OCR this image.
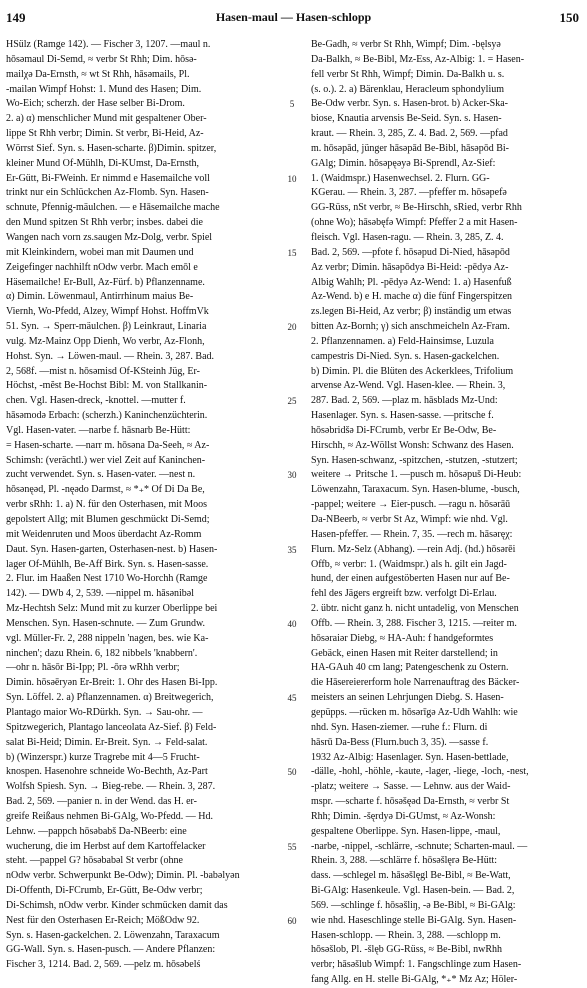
149	Hasen-maul — Hasen-schlopp	150

HSülz (Ramge 142). — Fischer 3, 1207. —maul n.

hōsəmaul Di-Semd, ≈ verbr St Rhh; Dim. hōsə-

mailχə Da-Ernsth, ≈ wt St Rhh, hāsəmails, Pl.

-mailən Wimpf Hohst: 1. Mund des Hasen; Dim.

Wo-Eich; scherzh. der Hase selber Bi-Drom.

2. a) α) menschlicher Mund mit gespaltener Ober-

lippe St Rhh verbr; Dimin. St verbr, Bi-Heid, Az-

Wörrst Sief. Syn. s. Hasen-scharte. β)Dimin. spitzer,

kleiner Mund Of-Mühlh, Di-KUmst, Da-Ernsth,

Er-Gütt, Bi-FWeinh. Er nimmd e Hasemailche voll

trinkt nur ein Schlückchen Az-Flomb. Syn. Hasen-

schnute, Pfennig-mäulchen. — e Hāsemailche mache

den Mund spitzen St Rhh verbr; insbes. dabei die

Wangen nach vorn zs.saugen Mz-Dolg, verbr. Spiel

mit Kleinkindern, wobei man mit Daumen und

Zeigefinger nachhilft nOdw verbr. Mach emōl e

Häsemailche! Er-Bull, Az-Fürf. b) Pflanzenname.

α) Dimin. Löwenmaul, Antirrhinum maius Be-

Viernh, Wo-Pfedd, Alzey, Wimpf Hohst. HoffmVk

51. Syn. → Sperr-mäulchen. β) Leinkraut, Linaria

vulg. Mz-Mainz Opp Dienh, Wo verbr, Az-Flonh,

Hohst. Syn. → Löwen-maul. — Rhein. 3, 287. Bad.

2, 568f. —mist n. hōsəmisd Of-KSteinh Jüg, Er-

Höchst, -mĕst Be-Hochst Bibl: M. von Stallkanin-

chen. Vgl. Hasen-dreck, -knottel. —mutter f.

hāsəmodə Erbach: (scherzh.) Kaninchenzüchterin.

Vgl. Hasen-vater. —narbe f. hāsnarb Be-Hütt:

= Hasen-scharte. —narr m. hōsəna Da-Seeh, ≈ Az-

Schimsh: (verächtl.) wer viel Zeit auf Kaninchen-

zucht verwendet. Syn. s. Hasen-vater. —nest n.

hōsənęəd, Pl. -nęədo Darmst, ≈ *₊* Of Di Da Be,

verbr sRhh: 1. a) N. für den Osterhasen, mit Moos

gepolstert Allg; mit Blumen geschmückt Di-Semd;

mit Weidenruten und Moos überdacht Az-Romm

Daut. Syn. Hasen-garten, Osterhasen-nest. b) Hasen-

lager Of-Mühlh, Be-Aff Birk. Syn. s. Hasen-sasse.

2. Flur. im Haaßen Nest 1710 Wo-Horchh (Ramge

142). — DWb 4, 2, 539. —nippel m. hāsənibəl

Mz-Hechtsh Selz: Mund mit zu kurzer Oberlippe bei

Menschen. Syn. Hasen-schnute. — Zum Grundw.

vgl. Müller-Fr. 2, 288 nippeln 'nagen, bes. wie Ka-

ninchen'; dazu Rhein. 6, 182 nibbels 'knabbern'.

—ohr n. hāsōr Bi-Ipp; Pl. -ōrə wRhh verbr;

Dimin. hōsəēryən Er-Breit: 1. Ohr des Hasen Bi-Ipp.

Syn. Löffel. 2. a) Pflanzennamen. α) Breitwegerich,

Plantago maior Wo-RDürkh. Syn. → Sau-ohr. —

Spitzwegerich, Plantago lanceolata Az-Sief. β) Feld-

salat Bi-Heid; Dimin. Er-Breit. Syn. → Feld-salat.

b) (Winzerspr.) kurze Tragrebe mit 4—5 Frucht-

knospen. Hasenohre schneide Wo-Bechth, Az-Part

Wolfsh Spiesh. Syn. → Bieg-rebe. — Rhein. 3, 287.

Bad. 2, 569. —panier n. in der Wend. das H. er-

greife Reißaus nehmen Bi-GAlg, Wo-Pfedd. — Hd.

Lehnw. —pappch hōsəbabš Da-NBeerb: eine

wucherung, die im Herbst auf dem Kartoffelacker

steht. —pappel G? hōsəbabəl St verbr (ohne

nOdw verbr. Schwerpunkt Be-Odw); Dimin. Pl. -babəlyən

Di-Offenth, Di-FCrumb, Er-Gütt, Be-Odw verbr;

Di-Schimsh, nOdw verbr. Kinder schmücken damit das

Nest für den Osterhasen Er-Reich; MößOdw 92.

Syn. s. Hasen-gackelchen. 2. Löwenzahn, Taraxacum

GG-Wall. Syn. s. Hasen-pusch. — Andere Pflanzen:

Fischer 3, 1214. Bad. 2, 569. —pelz m. hōsəbelś

5
10
15
20
25
30
35
40
45
50
55
60

Be-Gadh, ≈ verbr St Rhh, Wimpf; Dim. -bęlsyə

Da-Balkh, ≈ Be-Bibl, Mz-Ess, Az-Albig: 1. = Hasen-

fell verbr St Rhh, Wimpf; Dimin. Da-Balkh u. s.

(s. o.). 2. a) Bärenklau, Heracleum sphondylium

Be-Odw verbr. Syn. s. Hasen-brot. b) Acker-Ska-

biose, Knautia arvensis Be-Seid. Syn. s. Hasen-

kraut. — Rhein. 3, 285, Z. 4. Bad. 2, 569. —pfad

m. hōsəpād, jünger hāsəpād Be-Bibl, hāsəpōd Bi-

GAlg; Dimin. hōsəpęəyə Bi-Sprendl, Az-Sief:

1. (Waidmspr.) Hasenwechsel. 2. Flurn. GG-

KGerau. — Rhein. 3, 287. —pfeffer m. hōsəpefə

GG-Rüss, nSt verbr, ≈ Be-Hirschh, sRied, verbr Rhh

(ohne Wo); hāsəbęfə Wimpf: Pfeffer 2 a mit Hasen-

fleisch. Vgl. Hasen-ragu. — Rhein. 3, 285, Z. 4.

Bad. 2, 569. —pfote f. hōsəpud Di-Nied, hāsəpōd

Az verbr; Dimin. hāsəpōdyə Bi-Heid: -pēdyə Az-

Albig Wahlh; Pl. -pēdyə Az-Wend: 1. a) Hasenfuß

Az-Wend. b) e H. mache α) die fünf Fingerspitzen

zs.legen Bi-Heid, Az verbr; β) inständig um etwas

bitten Az-Bornh; γ) sich anschmeicheln Az-Fram.

2. Pflanzennamen. a) Feld-Hainsimse, Luzula

campestris Di-Nied. Syn. s. Hasen-gackelchen.

b) Dimin. Pl. die Blüten des Ackerklees, Trifolium

arvense Az-Wend. Vgl. Hasen-klee. — Rhein. 3,

287. Bad. 2, 569. —plaz m. hāsblads Mz-Und:

Hasenlager. Syn. s. Hasen-sasse. —pritsche f.

hōsəbridšə Di-FCrumb, verbr Er Be-Odw, Be-

Hirschh, ≈ Az-Wöllst Wonsh: Schwanz des Hasen.

Syn. Hasen-schwanz, -spitzchen, -stutzen, -stutzert;

weitere → Pritsche 1. —pusch m. hōsəpuš Di-Heub:

Löwenzahn, Taraxacum. Syn. Hasen-blume, -busch,

-pappel; weitere → Eier-pusch. —ragu n. hōsərāū

Da-NBeerb, ≈ verbr St Az, Wimpf: wie nhd. Vgl.

Hasen-pfeffer. — Rhein. 7, 35. —rech m. hāsəręχ:

Flurn. Mz-Selz (Abhang). —rein Adj. (hd.) hōsərēi

Offb, ≈ verbr: 1. (Waidmspr.) als h. gilt ein Jagd-

hund, der einen aufgestöberten Hasen nur auf Be-

fehl des Jägers ergreift bzw. verfolgt Di-Erlau.

2. übtr. nicht ganz h. nicht untadelig, von Menschen

Offb. — Rhein. 3, 288. Fischer 3, 1215. —reiter m.

hōsəraiər Diebg, ≈ HA-Auh: f handgeformtes

Gebäck, einen Hasen mit Reiter darstellend; in

HA-GAuh 40 cm lang; Patengeschenk zu Ostern.

die Hāsereiererform hole Narrenauftrag des Bäcker-

meisters an seinen Lehrjungen Diebg. S. Hasen-

gepüpps. —rücken m. hōsərīgə Az-Udh Wahlh: wie

nhd. Syn. Hasen-ziemer. —ruhe f.: Flurn. di

hāsrū Da-Bess (Flurn.buch 3, 35). —sasse f.

1932 Az-Albig: Hasenlager. Syn. Hasen-bettlade,

-dälle, -hohl, -höhle, -kaute, -lager, -liege, -loch, -nest,

-platz; weitere → Sasse. — Lehnw. aus der Waid-

mspr. —scharte f. hōsəšęəd Da-Ernsth, ≈ verbr St

Rhh; Dimin. -šęrdyə Di-GUmst, ≈ Az-Wonsh:

gespaltene Oberlippe. Syn. Hasen-lippe, -maul,

-narbe, -nippel, -schlärre, -schnute; Scharten-maul. —

Rhein. 3, 288. —schlärre f. hōsəšlęrə Be-Hütt:

dass. —schlegel m. hāsəšlęgl Be-Bibl, ≈ Be-Watt,

Bi-GAlg: Hasenkeule. Vgl. Hasen-bein. — Bad. 2,

569. —schlinge f. hōsəšliŋ, -ə Be-Bibl, ≈ Bi-GAlg:

wie nhd. Haseschlinge stelle Bi-GAlg. Syn. Hasen-

Hasen-schlopp. — Rhein. 3, 288. —schlopp m.

hōsəšlob, Pl. -šlęb GG-Rüss, ≈ Be-Bibl, nwRhh

verbr; hāsəšlub Wimpf: 1. Fangschlinge zum Hasen-

fang Allg. en H. stelle Bi-GAlg, *₊* Mz Az; Höler-
